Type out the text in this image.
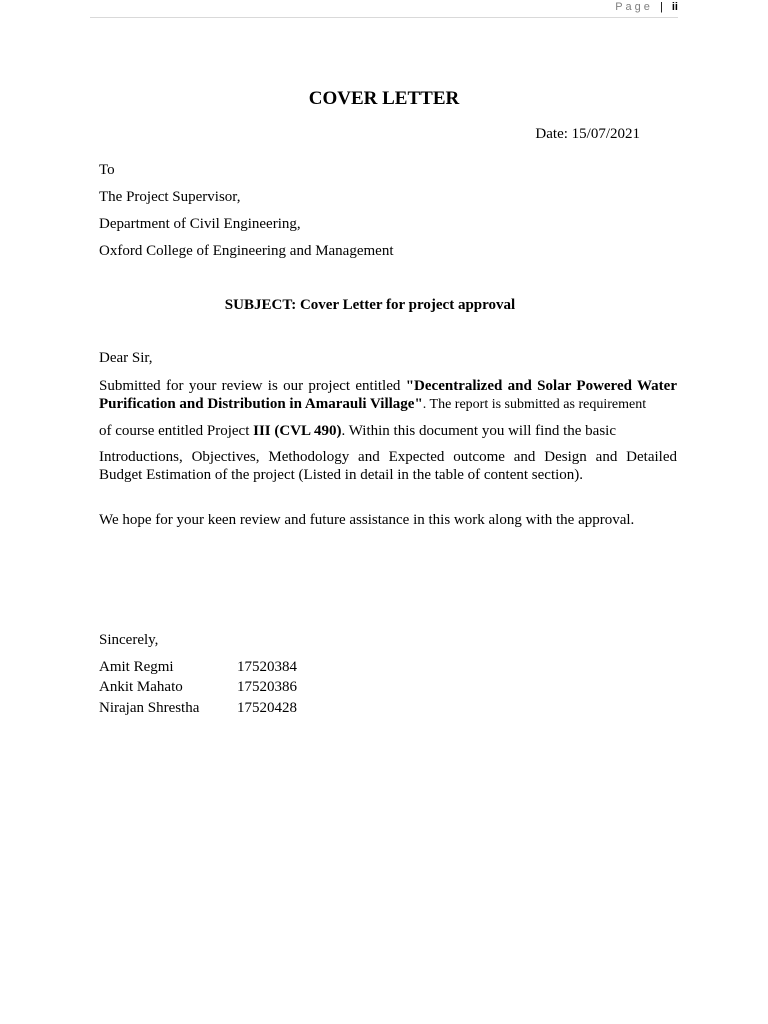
Page | ii
COVER LETTER
Date: 15/07/2021

To

The Project Supervisor,

Department of Civil Engineering,

Oxford College of Engineering and Management

SUBJECT: Cover Letter for project approval

Dear Sir,

Submitted for your review is our project entitled "Decentralized and Solar Powered Water Purification and Distribution in Amarauli Village". The report is submitted as requirement

of course entitled Project III (CVL 490). Within this document you will find the basic

Introductions, Objectives, Methodology and Expected outcome and Design and Detailed Budget Estimation of the project (Listed in detail in the table of content section).

We hope for your keen review and future assistance in this work along with the approval.

Sincerely,

Amit Regmi	17520384
Ankit Mahato	17520386
Nirajan Shrestha	17520428
